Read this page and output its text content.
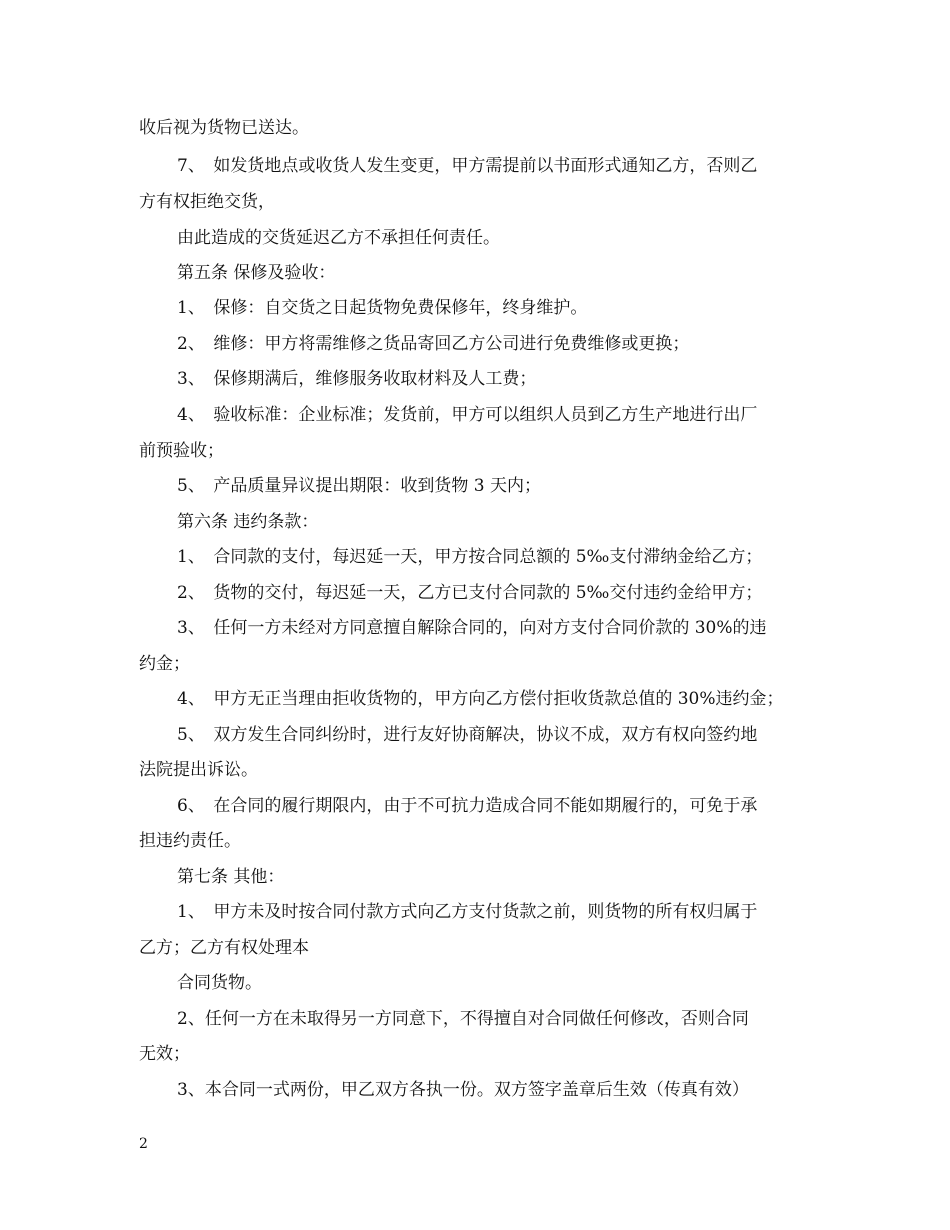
收后视为货物已送达。
7、　如发货地点或收货人发生变更，甲方需提前以书面形式通知乙方，否则乙
方有权拒绝交货，
由此造成的交货延迟乙方不承担任何责任。
第五条 保修及验收：
1、　保修：自交货之日起货物免费保修年，终身维护。
2、　维修：甲方将需维修之货品寄回乙方公司进行免费维修或更换；
3、　保修期满后，维修服务收取材料及人工费；
4、　验收标准：企业标准；发货前，甲方可以组织人员到乙方生产地进行出厂
前预验收；
5、　产品质量异议提出期限：收到货物 3 天内；
第六条 违约条款：
1、　合同款的支付，每迟延一天，甲方按合同总额的 5‰支付滞纳金给乙方；
2、　货物的交付，每迟延一天，乙方已支付合同款的 5‰交付违约金给甲方；
3、　任何一方未经对方同意擅自解除合同的，向对方支付合同价款的 30%的违
约金；
4、　甲方无正当理由拒收货物的，甲方向乙方偿付拒收货款总值的 30%违约金；
5、　双方发生合同纠纷时，进行友好协商解决，协议不成，双方有权向签约地
法院提出诉讼。
6、　在合同的履行期限内，由于不可抗力造成合同不能如期履行的，可免于承
担违约责任。
第七条 其他：
1、　甲方未及时按合同付款方式向乙方支付货款之前，则货物的所有权归属于
乙方；乙方有权处理本
合同货物。
2、任何一方在未取得另一方同意下，不得擅自对合同做任何修改，否则合同
无效；
3、本合同一式两份，甲乙双方各执一份。双方签字盖章后生效（传真有效）
2
